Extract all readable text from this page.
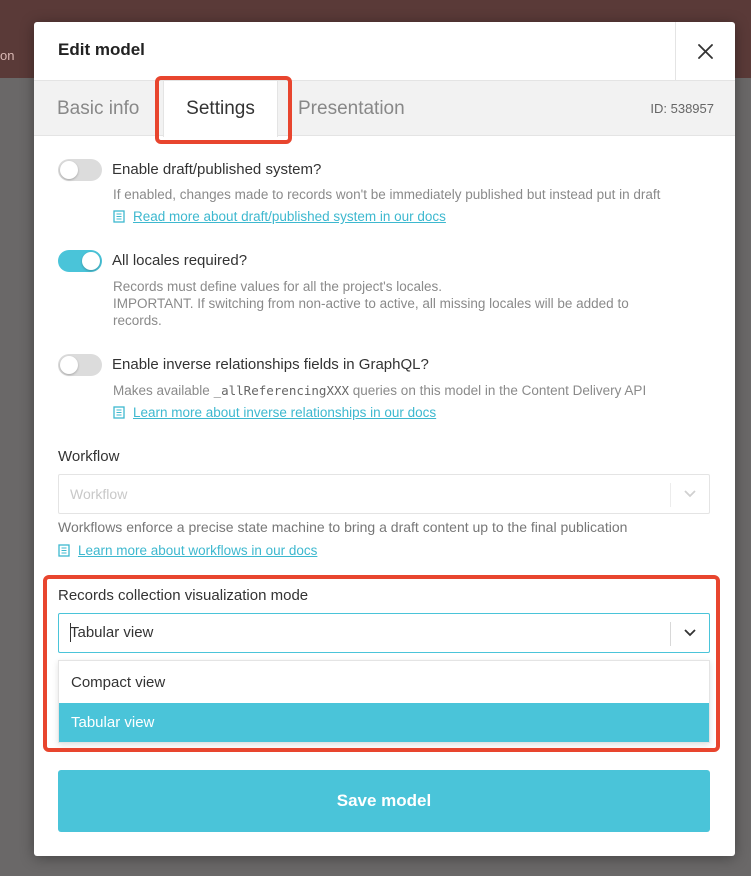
on	Edit model
Basic info	Settings	Presentation	ID: 538957
Enable draft/published system?
If enabled, changes made to records won't be immediately published but instead put in draft
Read more about draft/published system in our docs
All locales required?
Records must define values for all the project's locales.
IMPORTANT. If switching from non-active to active, all missing locales will be added to
records.
Enable inverse relationships fields in GraphQL?
Makes available _allReferencingXXX queries on this model in the Content Delivery API
Learn more about inverse relationships in our docs
Workflow
Workflow
Workflows enforce a precise state machine to bring a draft content up to the final publication
Learn more about workflows in our docs
Records collection visualization mode
Tabular view
Compact view
Tabular view
Save model
